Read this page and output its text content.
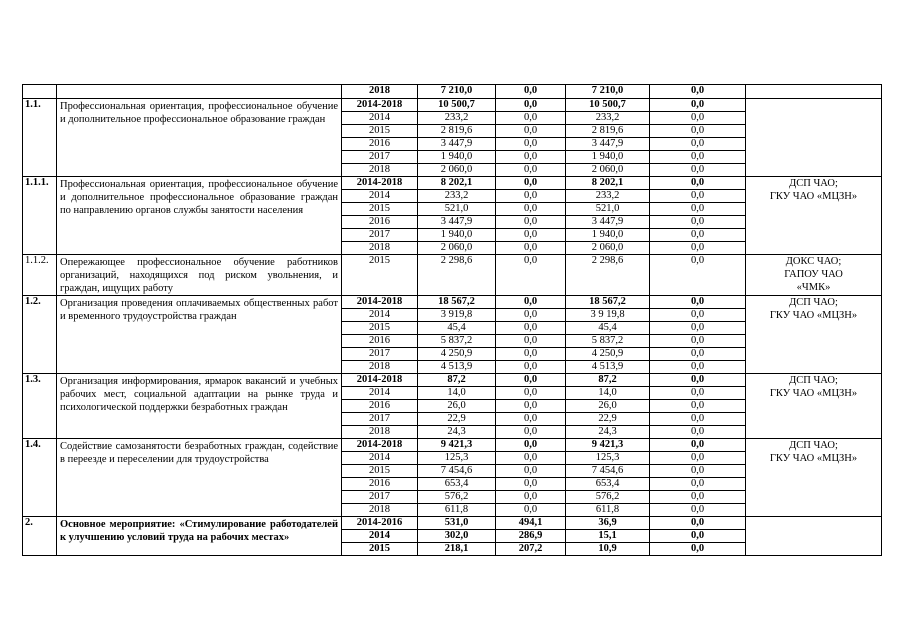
		2018	7 210,0	0,0	7 210,0	0,0	
1.1.	Профессиональная ориентация, профессиональное обучение и дополнительное профессиональное образование граждан	2014-2018	10 500,7	0,0	10 500,7	0,0	
		2014	233,2	0,0	233,2	0,0	
		2015	2 819,6	0,0	2 819,6	0,0	
		2016	3 447,9	0,0	3 447,9	0,0	
		2017	1 940,0	0,0	1 940,0	0,0	
		2018	2 060,0	0,0	2 060,0	0,0	
1.1.1.	Профессиональная ориентация, профессиональное обучение и дополнительное профессиональное образование граждан по направлению органов службы занятости населения	2014-2018	8 202,1	0,0	8 202,1	0,0	ДСП ЧАО;
ГКУ ЧАО «МЦЗН»
		2014	233,2	0,0	233,2	0,0	
		2015	521,0	0,0	521,0	0,0	
		2016	3 447,9	0,0	3 447,9	0,0	
		2017	1 940,0	0,0	1 940,0	0,0	
		2018	2 060,0	0,0	2 060,0	0,0	
1.1.2.	Опережающее профессиональное обучение работников организаций, находящихся под риском увольнения, и граждан, ищущих работу	2015	2 298,6	0,0	2 298,6	0,0	ДОКС ЧАО;
ГАПОУ ЧАО
«ЧМК»
1.2.	Организация проведения оплачиваемых общественных работ и временного трудоустройства граждан	2014-2018	18 567,2	0,0	18 567,2	0,0	ДСП ЧАО;
ГКУ ЧАО «МЦЗН»
		2014	3 919,8	0,0	3 9 19,8	0,0	
		2015	45,4	0,0	45,4	0,0	
		2016	5 837,2	0,0	5 837,2	0,0	
		2017	4 250,9	0,0	4 250,9	0,0	
		2018	4 513,9	0,0	4 513,9	0,0	
1.3.	Организация информирования, ярмарок вакансий и учебных рабочих мест, социальной адаптации на рынке труда и психологической поддержки безработных граждан	2014-2018	87,2	0,0	87,2	0,0	ДСП ЧАО;
ГКУ ЧАО «МЦЗН»
		2014	14,0	0,0	14,0	0,0	
		2016	26,0	0,0	26,0	0,0	
		2017	22,9	0,0	22,9	0,0	
		2018	24,3	0,0	24,3	0,0	
1.4.	Содействие самозанятости безработных граждан, содействие в переезде и переселении для трудоустройства	2014-2018	9 421,3	0,0	9 421,3	0,0	ДСП ЧАО;
ГКУ ЧАО «МЦЗН»
		2014	125,3	0,0	125,3	0,0	
		2015	7 454,6	0,0	7 454,6	0,0	
		2016	653,4	0,0	653,4	0,0	
		2017	576,2	0,0	576,2	0,0	
		2018	611,8	0,0	611,8	0,0	
2.	Основное мероприятие: «Стимулирование работодателей к улучшению условий труда на рабочих местах»	2014-2016	531,0	494,1	36,9	0,0	
		2014	302,0	286,9	15,1	0,0	
		2015	218,1	207,2	10,9	0,0	
